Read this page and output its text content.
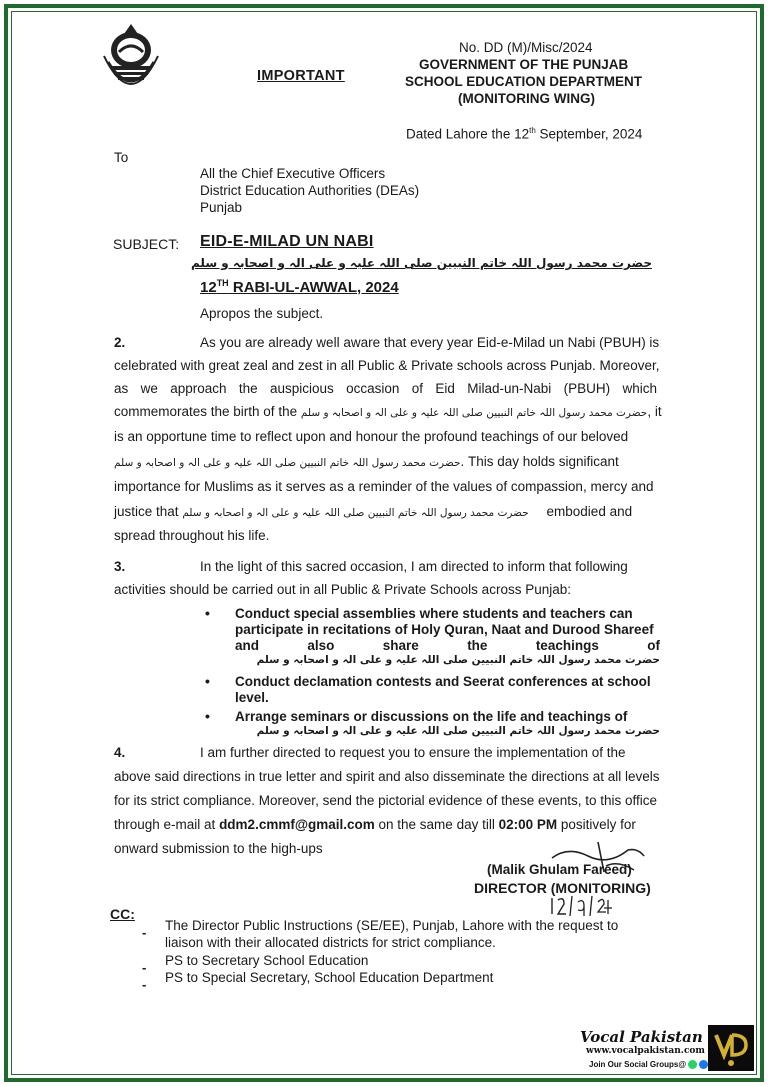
IMPORTANT
No. DD (M)/Misc/2024
GOVERNMENT OF THE PUNJAB
SCHOOL EDUCATION DEPARTMENT
(MONITORING WING)
Dated Lahore the 12th September, 2024
To
All the Chief Executive Officers
District Education Authorities (DEAs)
Punjab
SUBJECT: EID-E-MILAD UN NABI
حضرت محمد رسول اللہ خاتم النبیین صلی اللہ علیہ و علی الہ و اصحابہ و سلم
12TH RABI-UL-AWWAL, 2024
Apropos the subject.
2.	As you are already well aware that every year Eid-e-Milad un Nabi (PBUH) is
celebrated with great zeal and zest in all Public & Private schools across Punjab. Moreover,
as we approach the auspicious occasion of Eid Milad-un-Nabi (PBUH) which
commemorates the birth of the حضرت محمد رسول اللہ خاتم النبیین صلی اللہ علیہ و علی الہ و اصحابہ و سلم, it
is an opportune time to reflect upon and honour the profound teachings of our beloved
حضرت محمد رسول اللہ خاتم النبیین صلی اللہ علیہ و علی الہ و اصحابہ و سلم. This day holds significant
importance for Muslims as it serves as a reminder of the values of compassion, mercy and
justice that حضرت محمد رسول اللہ خاتم النبیین صلی اللہ علیہ و علی الہ و اصحابہ و سلم embodied and
spread throughout his life.
3.	In the light of this sacred occasion, I am directed to inform that following
activities should be carried out in all Public & Private Schools across Punjab:
• Conduct special assemblies where students and teachers can
participate in recitations of Holy Quran, Naat and Durood Shareef
and	also	share	the	teachings	of
حضرت محمد رسول اللہ خاتم النبیین صلی اللہ علیہ و علی الہ و اصحابہ و سلم
• Conduct declamation contests and Seerat conferences at school
level.
• Arrange seminars or discussions on the life and teachings of
حضرت محمد رسول اللہ خاتم النبیین صلی اللہ علیہ و علی الہ و اصحابہ و سلم
4.	I am further directed to request you to ensure the implementation of the
above said directions in true letter and spirit and also disseminate the directions at all levels
for its strict compliance. Moreover, send the pictorial evidence of these events, to this office
through e-mail at ddm2.cmmf@gmail.com on the same day till 02:00 PM positively for
onward submission to the high-ups
(Malik Ghulam Fareed)
DIRECTOR (MONITORING)
CC:
- The Director Public Instructions (SE/EE), Punjab, Lahore with the request to
liaison with their allocated districts for strict compliance.
- PS to Secretary School Education
- PS to Special Secretary, School Education Department
Vocal Pakistan
www.vocalpakistan.com
Join Our Social Groups@
